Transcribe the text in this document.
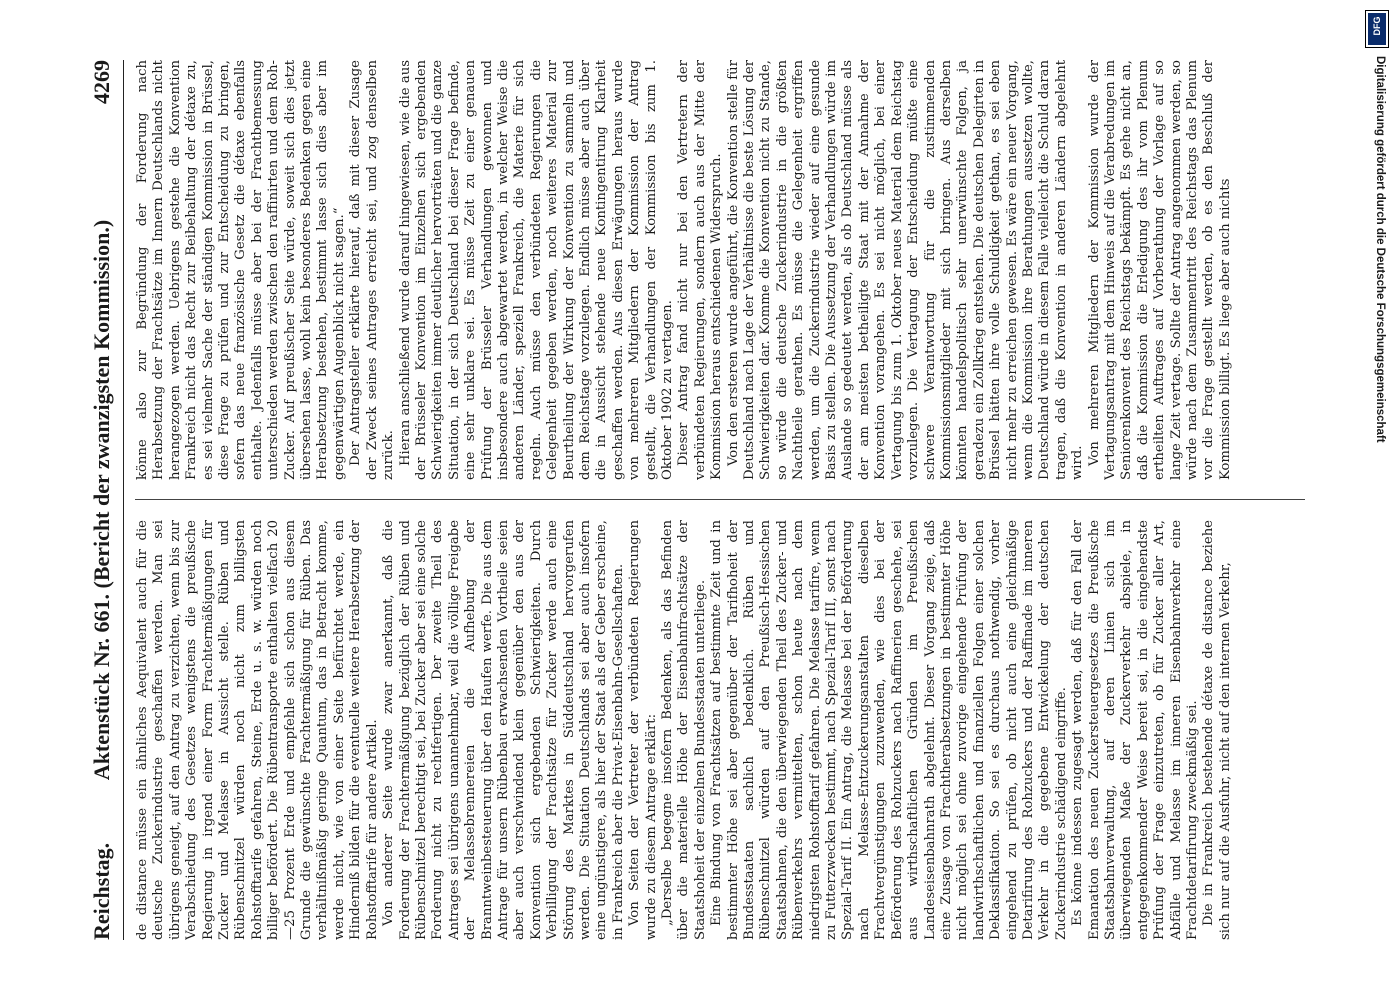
Reichstag.
Aktenstück Nr. 661. (Bericht der zwanzigsten Kommission.)
4269

de distance müsse ein ähnliches Aequivalent auch für die deutsche Zuckerindustrie geschaffen werden. Man sei übrigens geneigt, auf den Antrag zu verzichten, wenn bis zur Verabschiedung des Gesetzes wenigstens die preußische Regierung in irgend einer Form Frachtermäßigungen für Zucker und Melasse in Aussicht stelle. Rüben und Rübenschnitzel würden noch nicht zum billigsten Rohstofftarife gefahren, Steine, Erde u. s. w. würden noch billiger befördert. Die Rübentransporte enthalten vielfach 20—25 Prozent Erde und empfehle sich schon aus diesem Grunde die gewünschte Frachtermäßigung für Rüben. Das verhältnißmäßig geringe Quantum, das in Betracht komme, werde nicht, wie von einer Seite befürchtet werde, ein Hinderniß bilden für die eventuelle weitere Herabsetzung der Rohstofftarife für andere Artikel. Von anderer Seite wurde zwar anerkannt, daß die Forderung der Frachtermäßigung bezüglich der Rüben und Rübenschnitzel berechtigt sei, bei Zucker aber sei eine solche Forderung nicht zu rechtfertigen. Der zweite Theil des Antrages sei übrigens unannehmbar, weil die völlige Freigabe der Melassebrennereien die Aufhebung der Branntweinbesteuerung über den Haufen werfe. Die aus dem Antrage für unsern Rübenbau erwachsenden Vortheile seien aber auch verschwindend klein gegenüber den aus der Konvention sich ergebenden Schwierigkeiten. Durch Verbilligung der Frachtsätze für Zucker werde auch eine Störung des Marktes in Süddeutschland hervorgerufen werden. Die Situation Deutschlands sei aber auch insofern eine ungünstigere, als hier der Staat als der Geber erscheine, in Frankreich aber die Privat-Eisenbahn-Gesellschaften. Von Seiten der Vertreter der verbündeten Regierungen wurde zu diesem Antrage erklärt: „Derselbe begegne insofern Bedenken, als das Befinden über die materielle Höhe der Eisenbahnfrachtsätze der Staatshoheit der einzelnen Bundesstaaten unterliege. Eine Bindung von Frachtsätzen auf bestimmte Zeit und in bestimmter Höhe sei aber gegenüber der Tarifhoheit der Bundesstaaten sachlich bedenklich. Rüben und Rübenschnitzel würden auf den Preußisch-Hessischen Staatsbahnen, die den überwiegenden Theil des Zucker- und Rübenverkehrs vermittelten, schon heute nach dem niedrigsten Rohstofftarif gefahren. Die Melasse tarifire, wenn zu Futterzwecken bestimmt, nach Spezial-Tarif III, sonst nach Spezial-Tarif II. Ein Antrag, die Melasse bei der Beförderung nach Melasse-Entzuckerungsanstalten dieselben Frachtvergünstigungen zuzuwenden, wie dies bei der Beförderung des Rohzuckers nach Raffinerien geschehe, sei aus wirthschaftlichen Gründen im Preußischen Landeseisenbahnrath abgelehnt. Dieser Vorgang zeige, daß eine Zusage von Frachtherabsetzungen in bestimmter Höhe nicht möglich sei ohne zuvorige eingehende Prüfung der landwirthschaftlichen und finanziellen Folgen einer solchen Deklassifikation. So sei es durchaus nothwendig, vorher eingehend zu prüfen, ob nicht auch eine gleichmäßige Detarifirung des Rohzuckers und der Raffinade im inneren Verkehr in die gegebene Entwickelung der deutschen Zuckerindustrie schädigend eingriffe. Es könne indessen zugesagt werden, daß für den Fall der Emanation des neuen Zuckersteuergesetzes die Preußische Staatsbahnverwaltung, auf deren Linien sich im überwiegenden Maße der Zuckerverkehr abspiele, in entgegenkommender Weise bereit sei, in die eingehendste Prüfung der Frage einzutreten, ob für Zucker aller Art, Abfälle und Melasse im inneren Eisenbahnverkehr eine Frachtdetarifirung zweckmäßig sei. Die in Frankreich bestehende détaxe de distance beziehe sich nur auf die Ausfuhr, nicht auf den internen Verkehr,

könne also zur Begründung der Forderung nach Herabsetzung der Frachtsätze im Innern Deutschlands nicht herangezogen werden. Uebrigens gestehe die Konvention Frankreich nicht das Recht zur Beibehaltung der détaxe zu, es sei vielmehr Sache der ständigen Kommission in Brüssel, diese Frage zu prüfen und zur Entscheidung zu bringen, sofern das neue französische Gesetz die détaxe ebenfalls enthalte. Jedenfalls müsse aber bei der Frachtbemessung unterschieden werden zwischen den raffinirten und dem Roh-Zucker. Auf preußischer Seite würde, soweit sich dies jetzt übersehen lasse, wohl kein besonderes Bedenken gegen eine Herabsetzung bestehen, bestimmt lasse sich dies aber im gegenwärtigen Augenblick nicht sagen.“ Der Antragsteller erklärte hierauf, daß mit dieser Zusage der Zweck seines Antrages erreicht sei, und zog denselben zurück. Hieran anschließend wurde darauf hingewiesen, wie die aus der Brüsseler Konvention im Einzelnen sich ergebenden Schwierigkeiten immer deutlicher hervorträten und die ganze Situation, in der sich Deutschland bei dieser Frage befinde, eine sehr unklare sei. Es müsse Zeit zu einer genauen Prüfung der Brüsseler Verhandlungen gewonnen und insbesondere auch abgewartet werden, in welcher Weise die anderen Länder, speziell Frankreich, die Materie für sich regeln. Auch müsse den verbündeten Regierungen die Gelegenheit gegeben werden, noch weiteres Material zur Beurtheilung der Wirkung der Konvention zu sammeln und dem Reichstage vorzulegen. Endlich müsse aber auch über die in Aussicht stehende neue Kontingentirung Klarheit geschaffen werden. Aus diesen Erwägungen heraus wurde von mehreren Mitgliedern der Kommission der Antrag gestellt, die Verhandlungen der Kommission bis zum 1. Oktober 1902 zu vertagen. Dieser Antrag fand nicht nur bei den Vertretern der verbündeten Regierungen, sondern auch aus der Mitte der Kommission heraus entschiedenen Widerspruch. Von den ersteren wurde angeführt, die Konvention stelle für Deutschland nach Lage der Verhältnisse die beste Lösung der Schwierigkeiten dar. Komme die Konvention nicht zu Stande, so würde die deutsche Zuckerindustrie in die größten Nachtheile gerathen. Es müsse die Gelegenheit ergriffen werden, um die Zuckerindustrie wieder auf eine gesunde Basis zu stellen. Die Aussetzung der Verhandlungen würde im Auslande so gedeutet werden, als ob Deutschland müsse als der am meisten betheiligte Staat mit der Annahme der Konvention vorangehen. Es sei nicht möglich, bei einer Vertagung bis zum 1. Oktober neues Material dem Reichstag vorzulegen. Die Vertagung der Entscheidung müßte eine schwere Verantwortung für die zustimmenden Kommissionsmitglieder mit sich bringen. Aus derselben könnten handelspolitisch sehr unerwünschte Folgen, ja geradezu ein Zollkrieg entstehen. Die deutschen Delegirten in Brüssel hätten ihre volle Schuldigkeit gethan, es sei eben nicht mehr zu erreichen gewesen. Es wäre ein neuer Vorgang, wenn die Kommission ihre Berathungen aussetzen wollte, Deutschland würde in diesem Falle vielleicht die Schuld daran tragen, daß die Konvention in anderen Ländern abgelehnt wird. Von mehreren Mitgliedern der Kommission wurde der Vertagungsantrag mit dem Hinweis auf die Verabredungen im Seniorenkonvent des Reichstags bekämpft. Es gehe nicht an, daß die Kommission die Erledigung des ihr vom Plenum ertheilten Auftrages auf Vorberathung der Vorlage auf so lange Zeit vertage. Sollte der Antrag angenommen werden, so würde nach dem Zusammentritt des Reichstags das Plenum vor die Frage gestellt werden, ob es den Beschluß der Kommission billigt. Es liege aber auch nichts

DFG
Digitalisierung gefördert durch die Deutsche Forschungsgemeinschaft
